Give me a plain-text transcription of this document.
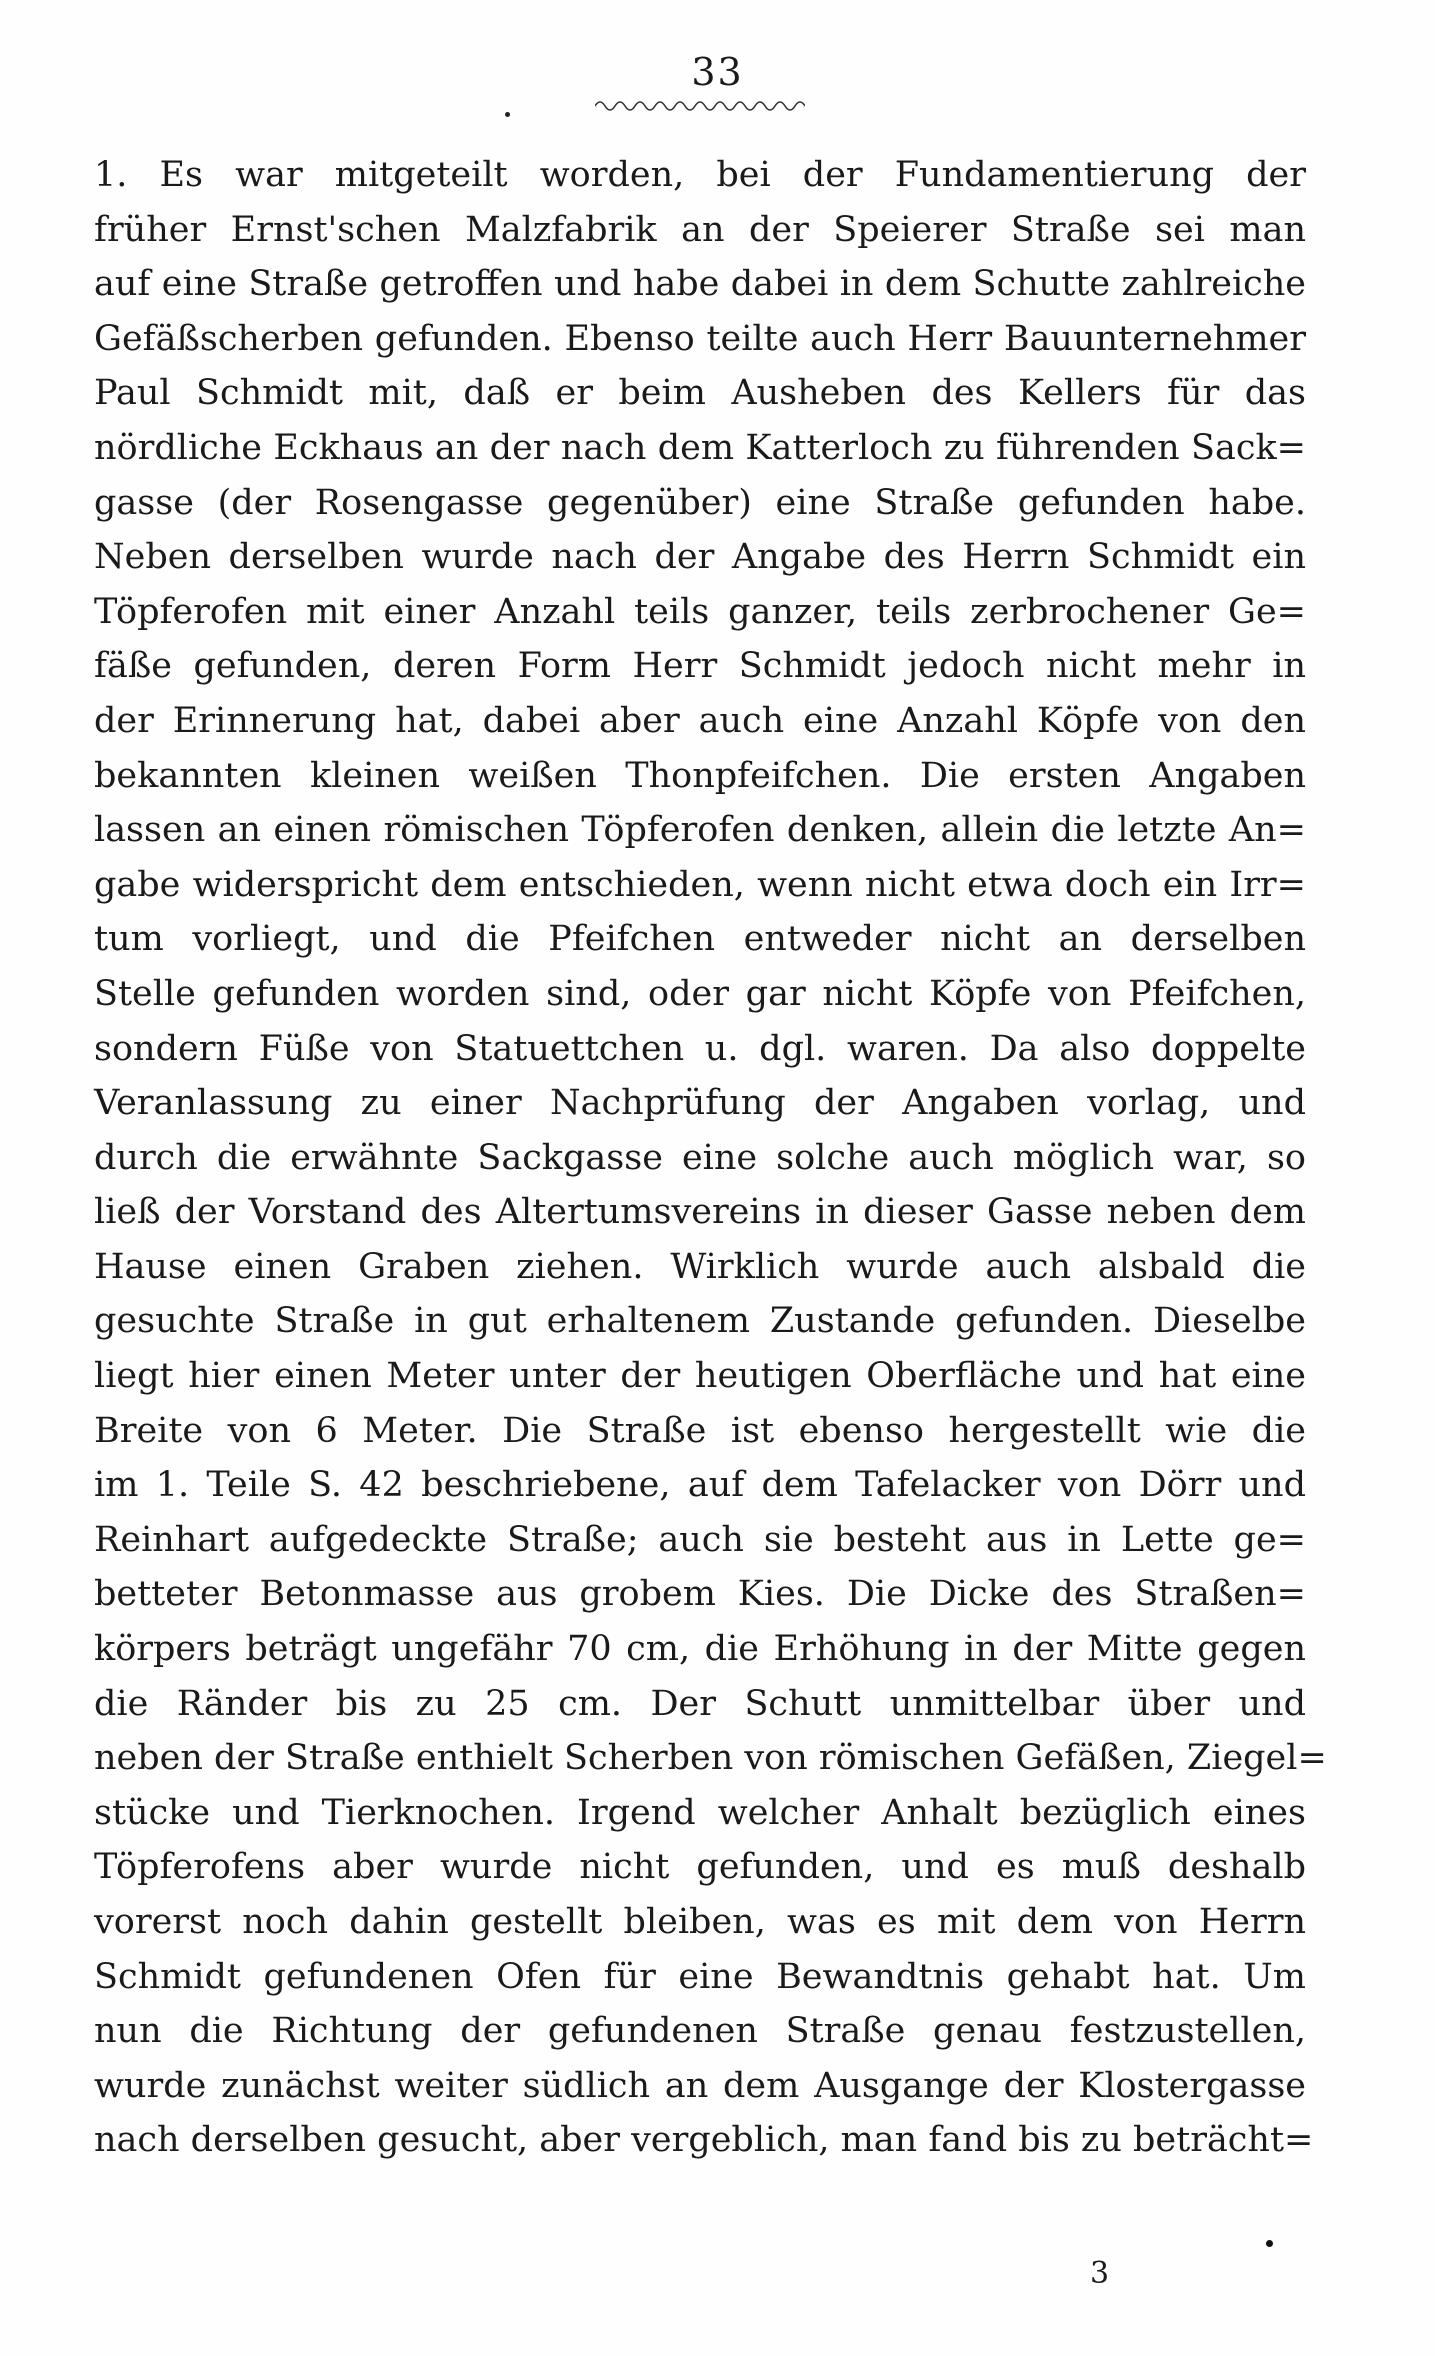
33
1. Es war mitgeteilt worden, bei der Fundamentierung der
früher Ernst'schen Malzfabrik an der Speierer Straße sei man
auf eine Straße getroffen und habe dabei in dem Schutte zahlreiche
Gefäßscherben gefunden. Ebenso teilte auch Herr Bauunternehmer
Paul Schmidt mit, daß er beim Ausheben des Kellers für das
nördliche Eckhaus an der nach dem Katterloch zu führenden Sack=
gasse (der Rosengasse gegenüber) eine Straße gefunden habe.
Neben derselben wurde nach der Angabe des Herrn Schmidt ein
Töpferofen mit einer Anzahl teils ganzer, teils zerbrochener Ge=
fäße gefunden, deren Form Herr Schmidt jedoch nicht mehr in
der Erinnerung hat, dabei aber auch eine Anzahl Köpfe von den
bekannten kleinen weißen Thonpfeifchen. Die ersten Angaben
lassen an einen römischen Töpferofen denken, allein die letzte An=
gabe widerspricht dem entschieden, wenn nicht etwa doch ein Irr=
tum vorliegt, und die Pfeifchen entweder nicht an derselben
Stelle gefunden worden sind, oder gar nicht Köpfe von Pfeifchen,
sondern Füße von Statuettchen u. dgl. waren. Da also doppelte
Veranlassung zu einer Nachprüfung der Angaben vorlag, und
durch die erwähnte Sackgasse eine solche auch möglich war, so
ließ der Vorstand des Altertumsvereins in dieser Gasse neben dem
Hause einen Graben ziehen. Wirklich wurde auch alsbald die
gesuchte Straße in gut erhaltenem Zustande gefunden. Dieselbe
liegt hier einen Meter unter der heutigen Oberfläche und hat eine
Breite von 6 Meter. Die Straße ist ebenso hergestellt wie die
im 1. Teile S. 42 beschriebene, auf dem Tafelacker von Dörr und
Reinhart aufgedeckte Straße; auch sie besteht aus in Lette ge=
betteter Betonmasse aus grobem Kies. Die Dicke des Straßen=
körpers beträgt ungefähr 70 cm, die Erhöhung in der Mitte gegen
die Ränder bis zu 25 cm. Der Schutt unmittelbar über und
neben der Straße enthielt Scherben von römischen Gefäßen, Ziegel=
stücke und Tierknochen. Irgend welcher Anhalt bezüglich eines
Töpferofens aber wurde nicht gefunden, und es muß deshalb
vorerst noch dahin gestellt bleiben, was es mit dem von Herrn
Schmidt gefundenen Ofen für eine Bewandtnis gehabt hat. Um
nun die Richtung der gefundenen Straße genau festzustellen,
wurde zunächst weiter südlich an dem Ausgange der Klostergasse
nach derselben gesucht, aber vergeblich, man fand bis zu beträcht=
3
